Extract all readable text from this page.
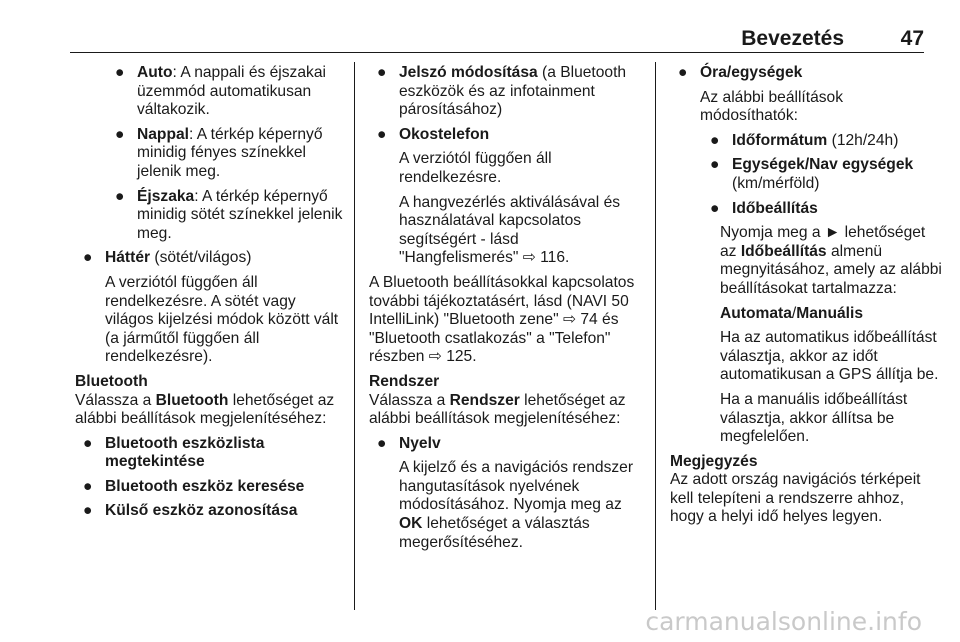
Bevezetés	47
● Auto: A nappali és éjszakai üzemmód automatikusan váltakozik.
● Nappal: A térkép képernyő minidig fényes színekkel jelenik meg.
● Éjszaka: A térkép képernyő minidig sötét színekkel jelenik meg.
● Háttér (sötét/világos)
A verziótól függően áll rendelkezésre. A sötét vagy világos kijelzési módok között vált (a járműtől függően áll rendelkezésre).
Bluetooth
Válassza a Bluetooth lehetőséget az alábbi beállítások megjelenítéséhez:
● Bluetooth eszközlista megtekintése
● Bluetooth eszköz keresése
● Külső eszköz azonosítása
● Jelszó módosítása (a Bluetooth eszközök és az infotainment párosításához)
● Okostelefon
A verziótól függően áll rendelkezésre.
A hangvezérlés aktiválásával és használatával kapcsolatos segítségért - lásd "Hangfelismerés" ⇨ 116.
A Bluetooth beállításokkal kapcsolatos további tájékoztatásért, lásd (NAVI 50 IntelliLink) "Bluetooth zene" ⇨ 74 és "Bluetooth csatlakozás" a "Telefon" részben ⇨ 125.
Rendszer
Válassza a Rendszer lehetőséget az alábbi beállítások megjelenítéséhez:
● Nyelv
A kijelző és a navigációs rendszer hangutasítások nyelvének módosításához. Nyomja meg az OK lehetőséget a választás megerősítéséhez.
● Óra/egységek
Az alábbi beállítások módosíthatók:
● Időformátum (12h/24h)
● Egységek/Nav egységek (km/mérföld)
● Időbeállítás
Nyomja meg a ► lehetőséget az Időbeállítás almenü megnyitásához, amely az alábbi beállításokat tartalmazza:
Automata/Manuális
Ha az automatikus időbeállítást választja, akkor az időt automatikusan a GPS állítja be.
Ha a manuális időbeállítást választja, akkor állítsa be megfelelően.
Megjegyzés
Az adott ország navigációs térképeit kell telepíteni a rendszerre ahhoz, hogy a helyi idő helyes legyen.
carmanualsonline.info
